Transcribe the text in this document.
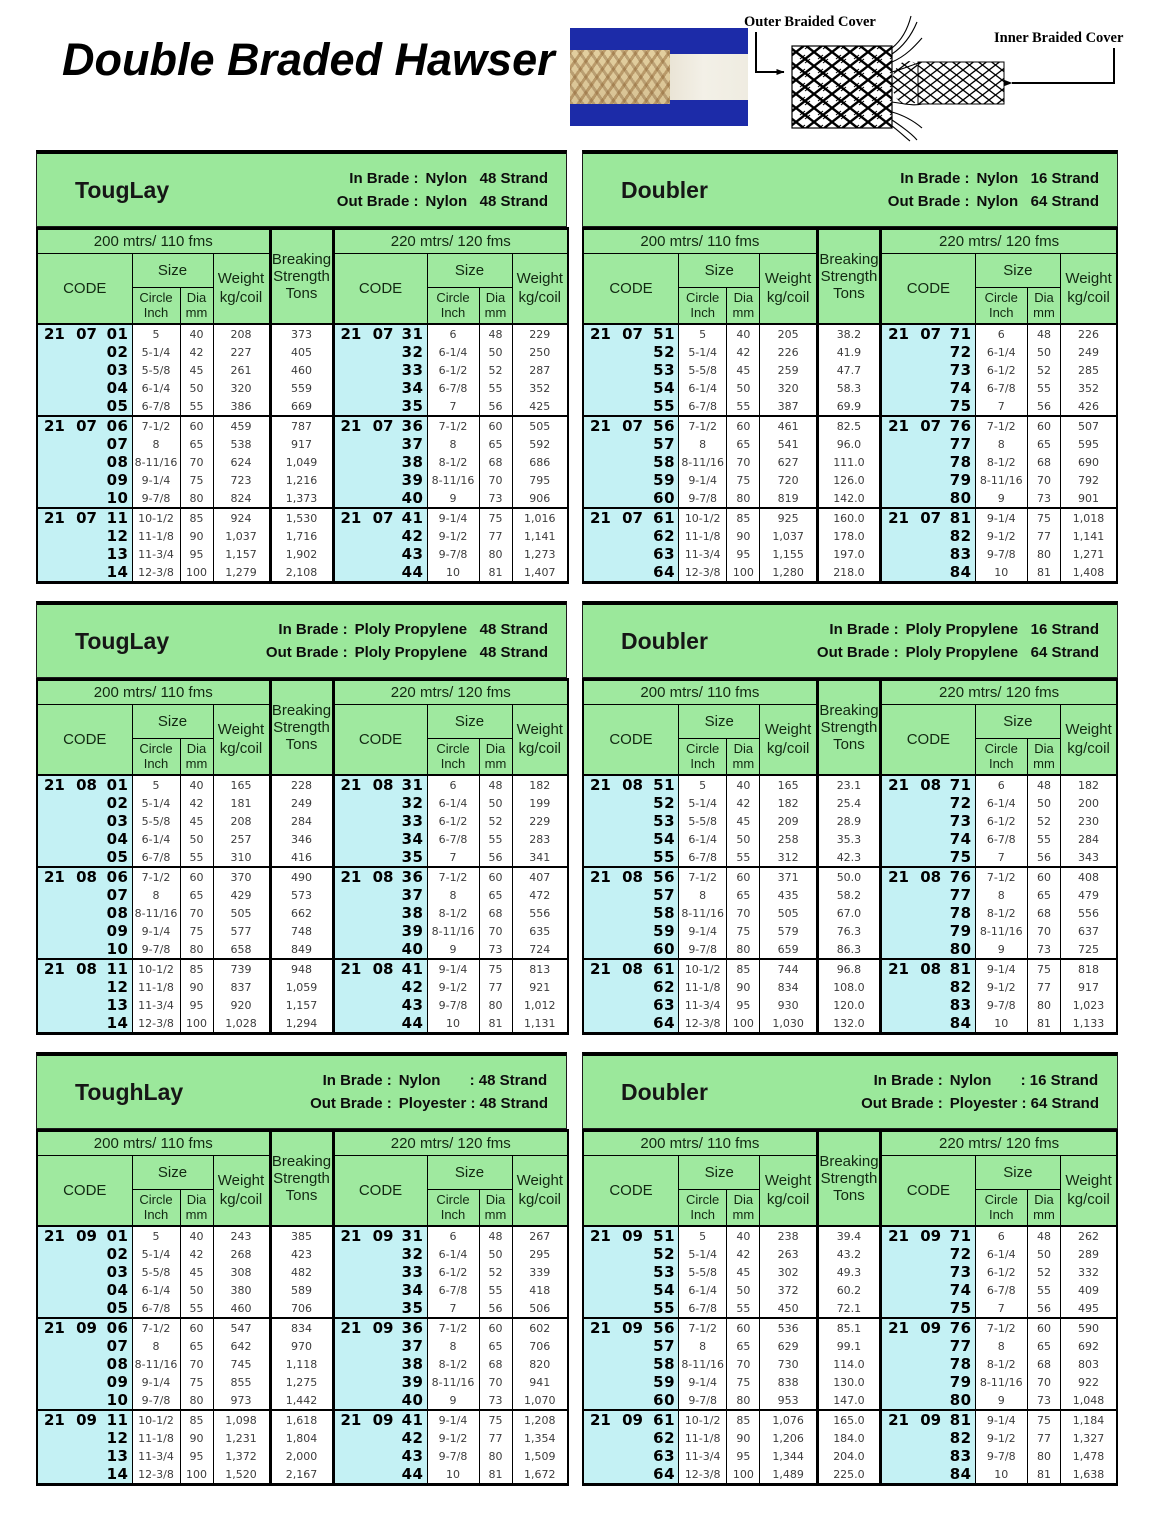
Double Braded Hawser
Outer Braided Cover
Inner Braided Cover
TougLay	In Brade : Nylon   48 Strand
Out Brade : Nylon   48 Strand
200 mtrs/ 110 fms				Breaking Strength Tons	220 mtrs/ 120 fms			
CODE	Size		Weight kg/coil		CODE	Size		Weight kg/coil
	Circle Inch	Dia mm				Circle Inch	Dia mm	

21 07 01	5	40	208	373	21 07 31	6	48	229

02	5-1/4	42	227	405	32	6-1/4	50	250

03	5-5/8	45	261	460	33	6-1/2	52	287

04	6-1/4	50	320	559	34	6-7/8	55	352

05	6-7/8	55	386	669	35	7	56	425

21 07 06	7-1/2	60	459	787	21 07 36	7-1/2	60	505

07	8	65	538	917	37	8	65	592

08	8-11/16	70	624	1,049	38	8-1/2	68	686

09	9-1/4	75	723	1,216	39	8-11/16	70	795

10	9-7/8	80	824	1,373	40	9	73	906

21 07 11	10-1/2	85	924	1,530	21 07 41	9-1/4	75	1,016

12	11-1/8	90	1,037	1,716	42	9-1/2	77	1,141

13	11-3/4	95	1,157	1,902	43	9-7/8	80	1,273

14	12-3/8	100	1,279	2,108	44	10	81	1,407
Doubler	In Brade : Nylon   16 Strand
Out Brade : Nylon   64 Strand
200 mtrs/ 110 fms				Breaking Strength Tons	220 mtrs/ 120 fms			
CODE	Size		Weight kg/coil		CODE	Size		Weight kg/coil
	Circle Inch	Dia mm				Circle Inch	Dia mm	

21 07 51	5	40	205	38.2	21 07 71	6	48	226

52	5-1/4	42	226	41.9	72	6-1/4	50	249

53	5-5/8	45	259	47.7	73	6-1/2	52	285

54	6-1/4	50	320	58.3	74	6-7/8	55	352

55	6-7/8	55	387	69.9	75	7	56	426

21 07 56	7-1/2	60	461	82.5	21 07 76	7-1/2	60	507

57	8	65	541	96.0	77	8	65	595

58	8-11/16	70	627	111.0	78	8-1/2	68	690

59	9-1/4	75	720	126.0	79	8-11/16	70	792

60	9-7/8	80	819	142.0	80	9	73	901

21 07 61	10-1/2	85	925	160.0	21 07 81	9-1/4	75	1,018

62	11-1/8	90	1,037	178.0	82	9-1/2	77	1,141

63	11-3/4	95	1,155	197.0	83	9-7/8	80	1,271

64	12-3/8	100	1,280	218.0	84	10	81	1,408
TougLay	In Brade : Ploly Propylene   48 Strand
Out Brade : Ploly Propylene   48 Strand
200 mtrs/ 110 fms				Breaking Strength Tons	220 mtrs/ 120 fms			
CODE	Size		Weight kg/coil		CODE	Size		Weight kg/coil
	Circle Inch	Dia mm				Circle Inch	Dia mm	

21 08 01	5	40	165	228	21 08 31	6	48	182

02	5-1/4	42	181	249	32	6-1/4	50	199

03	5-5/8	45	208	284	33	6-1/2	52	229

04	6-1/4	50	257	346	34	6-7/8	55	283

05	6-7/8	55	310	416	35	7	56	341

21 08 06	7-1/2	60	370	490	21 08 36	7-1/2	60	407

07	8	65	429	573	37	8	65	472

08	8-11/16	70	505	662	38	8-1/2	68	556

09	9-1/4	75	577	748	39	8-11/16	70	635

10	9-7/8	80	658	849	40	9	73	724

21 08 11	10-1/2	85	739	948	21 08 41	9-1/4	75	813

12	11-1/8	90	837	1,059	42	9-1/2	77	921

13	11-3/4	95	920	1,157	43	9-7/8	80	1,012

14	12-3/8	100	1,028	1,294	44	10	81	1,131
Doubler	In Brade : Ploly Propylene   16 Strand
Out Brade : Ploly Propylene   64 Strand
200 mtrs/ 110 fms				Breaking Strength Tons	220 mtrs/ 120 fms			
CODE	Size		Weight kg/coil		CODE	Size		Weight kg/coil
	Circle Inch	Dia mm				Circle Inch	Dia mm	

21 08 51	5	40	165	23.1	21 08 71	6	48	182

52	5-1/4	42	182	25.4	72	6-1/4	50	200

53	5-5/8	45	209	28.9	73	6-1/2	52	230

54	6-1/4	50	258	35.3	74	6-7/8	55	284

55	6-7/8	55	312	42.3	75	7	56	343

21 08 56	7-1/2	60	371	50.0	21 08 76	7-1/2	60	408

57	8	65	435	58.2	77	8	65	479

58	8-11/16	70	505	67.0	78	8-1/2	68	556

59	9-1/4	75	579	76.3	79	8-11/16	70	637

60	9-7/8	80	659	86.3	80	9	73	725

21 08 61	10-1/2	85	744	96.8	21 08 81	9-1/4	75	818

62	11-1/8	90	834	108.0	82	9-1/2	77	917

63	11-3/4	95	930	120.0	83	9-7/8	80	1,023

64	12-3/8	100	1,030	132.0	84	10	81	1,133
ToughLay	In Brade : Nylon       : 48 Strand
Out Brade : Ployester : 48 Strand
200 mtrs/ 110 fms				Breaking Strength Tons	220 mtrs/ 120 fms			
CODE	Size		Weight kg/coil		CODE	Size		Weight kg/coil
	Circle Inch	Dia mm				Circle Inch	Dia mm	

21 09 01	5	40	243	385	21 09 31	6	48	267

02	5-1/4	42	268	423	32	6-1/4	50	295

03	5-5/8	45	308	482	33	6-1/2	52	339

04	6-1/4	50	380	589	34	6-7/8	55	418

05	6-7/8	55	460	706	35	7	56	506

21 09 06	7-1/2	60	547	834	21 09 36	7-1/2	60	602

07	8	65	642	970	37	8	65	706

08	8-11/16	70	745	1,118	38	8-1/2	68	820

09	9-1/4	75	855	1,275	39	8-11/16	70	941

10	9-7/8	80	973	1,442	40	9	73	1,070

21 09 11	10-1/2	85	1,098	1,618	21 09 41	9-1/4	75	1,208

12	11-1/8	90	1,231	1,804	42	9-1/2	77	1,354

13	11-3/4	95	1,372	2,000	43	9-7/8	80	1,509

14	12-3/8	100	1,520	2,167	44	10	81	1,672
Doubler	In Brade : Nylon       : 16 Strand
Out Brade : Ployester : 64 Strand
200 mtrs/ 110 fms				Breaking Strength Tons	220 mtrs/ 120 fms			
CODE	Size		Weight kg/coil		CODE	Size		Weight kg/coil
	Circle Inch	Dia mm				Circle Inch	Dia mm	

21 09 51	5	40	238	39.4	21 09 71	6	48	262

52	5-1/4	42	263	43.2	72	6-1/4	50	289

53	5-5/8	45	302	49.3	73	6-1/2	52	332

54	6-1/4	50	372	60.2	74	6-7/8	55	409

55	6-7/8	55	450	72.1	75	7	56	495

21 09 56	7-1/2	60	536	85.1	21 09 76	7-1/2	60	590

57	8	65	629	99.1	77	8	65	692

58	8-11/16	70	730	114.0	78	8-1/2	68	803

59	9-1/4	75	838	130.0	79	8-11/16	70	922

60	9-7/8	80	953	147.0	80	9	73	1,048

21 09 61	10-1/2	85	1,076	165.0	21 09 81	9-1/4	75	1,184

62	11-1/8	90	1,206	184.0	82	9-1/2	77	1,327

63	11-3/4	95	1,344	204.0	83	9-7/8	80	1,478

64	12-3/8	100	1,489	225.0	84	10	81	1,638
